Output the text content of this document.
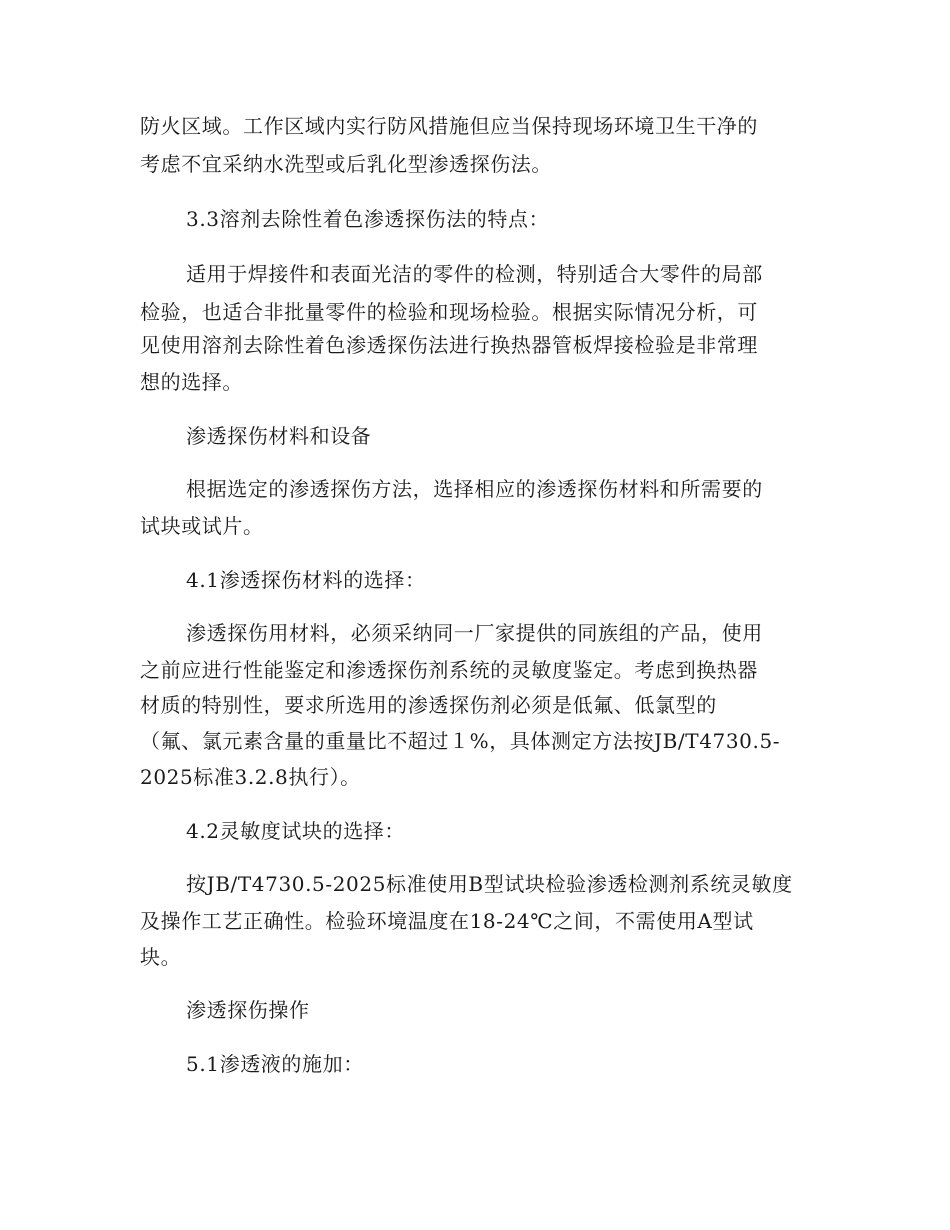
防火区域。工作区域内实行防风措施但应当保持现场环境卫生干净的
考虑不宜采纳水洗型或后乳化型渗透探伤法。
3.3溶剂去除性着色渗透探伤法的特点：
适用于焊接件和表面光洁的零件的检测，特别适合大零件的局部
检验，也适合非批量零件的检验和现场检验。根据实际情况分析，可
见使用溶剂去除性着色渗透探伤法进行换热器管板焊接检验是非常理
想的选择。
渗透探伤材料和设备
根据选定的渗透探伤方法，选择相应的渗透探伤材料和所需要的
试块或试片。
4.1渗透探伤材料的选择：
渗透探伤用材料，必须采纳同一厂家提供的同族组的产品，使用
之前应进行性能鉴定和渗透探伤剂系统的灵敏度鉴定。考虑到换热器
材质的特别性，要求所选用的渗透探伤剂必须是低氟、低氯型的
（氟、氯元素含量的重量比不超过１%，具体测定方法按JB/T4730.5-
2025标准3.2.8执行）。
4.2灵敏度试块的选择：
按JB/T4730.5-2025标准使用B型试块检验渗透检测剂系统灵敏度
及操作工艺正确性。检验环境温度在18-24℃之间，不需使用A型试
块。
渗透探伤操作
5.1渗透液的施加：
